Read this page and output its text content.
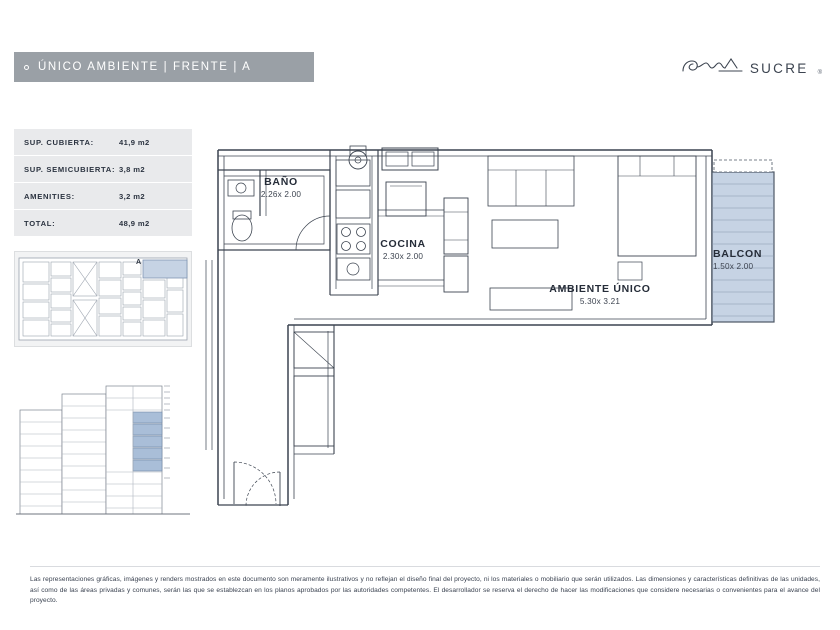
ÚNICO AMBIENTE | FRENTE | A	SUCRE ®
SUP. CUBIERTA:	41,9 m2
SUP. SEMICUBIERTA: 3,8 m2
AMENITIES:	3,2 m2
TOTAL:	48,9 m2
A
BAÑO
2.26x 2.00
COCINA
2.30x 2.00
AMBIENTE ÚNICO
5.30x 3.21
BALCON
1.50x 2.00
Las representaciones gráficas, imágenes y renders mostrados en este documento son meramente ilustrativos y no reflejan el diseño final del proyecto, ni los materiales o mobiliario que serán utilizados. Las dimensiones y características definitivas de las unidades, así como de las áreas privadas y comunes, serán las que se establezcan en los planos aprobados por las autoridades competentes. El desarrollador se reserva el derecho de hacer las modificaciones que considere necesarias o convenientes para el avance del proyecto.
